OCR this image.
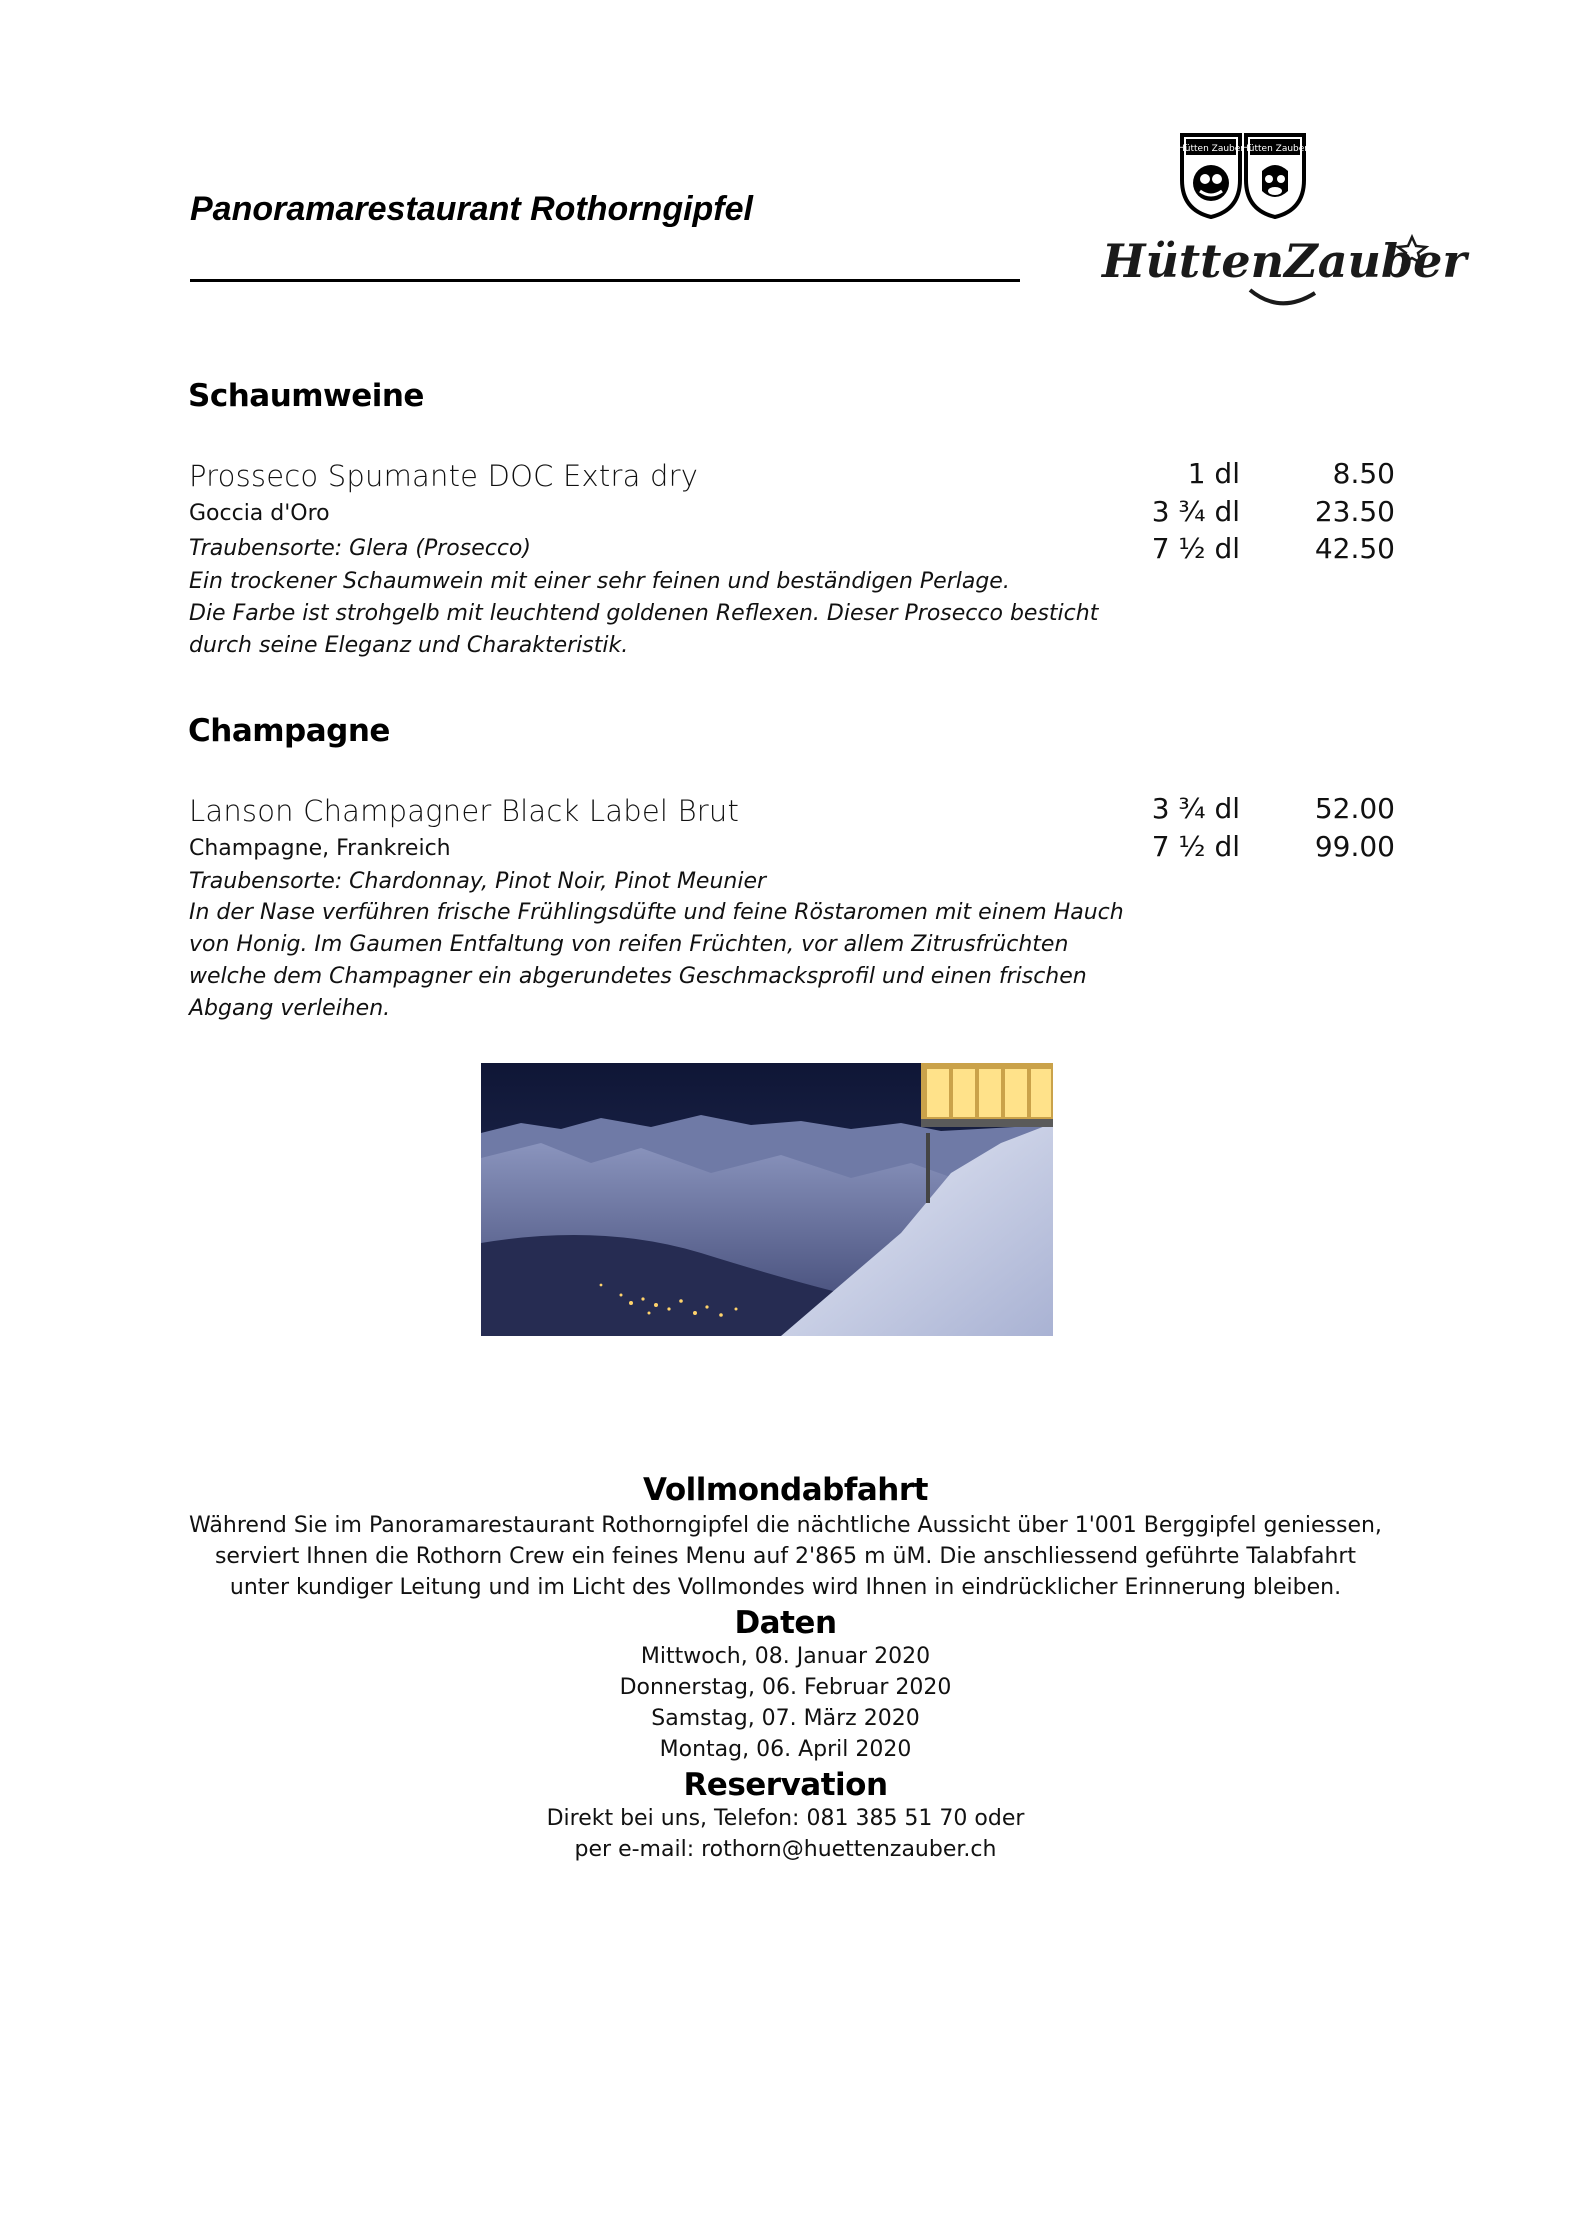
Panoramarestaurant Rothorngipfel
Hütten Zauber
Hütten Zauber
HüttenZauber
Schaumweine
Prosseco Spumante DOC Extra dry
Goccia d'Oro
Traubensorte: Glera (Prosecco)
Ein trockener Schaumwein mit einer sehr feinen und beständigen Perlage.
Die Farbe ist strohgelb mit leuchtend goldenen Reflexen. Dieser Prosecco besticht
durch seine Eleganz und Charakteristik.
1 dl	8.50
3 ¾ dl	23.50
7 ½ dl	42.50
Champagne
Lanson Champagner Black Label Brut
Champagne, Frankreich
Traubensorte: Chardonnay, Pinot Noir, Pinot Meunier
In der Nase verführen frische Frühlingsdüfte und feine Röstaromen mit einem Hauch
von Honig. Im Gaumen Entfaltung von reifen Früchten, vor allem Zitrusfrüchten
welche dem Champagner ein abgerundetes Geschmacksprofil und einen frischen
Abgang verleihen.
3 ¾ dl	52.00
7 ½ dl	99.00
Vollmondabfahrt
Während Sie im Panoramarestaurant Rothorngipfel die nächtliche Aussicht über 1'001 Berggipfel geniessen,
serviert Ihnen die Rothorn Crew ein feines Menu auf 2'865 m üM. Die anschliessend geführte Talabfahrt
unter kundiger Leitung und im Licht des Vollmondes wird Ihnen in eindrücklicher Erinnerung bleiben.
Daten
Mittwoch, 08. Januar 2020
Donnerstag, 06. Februar 2020
Samstag, 07. März 2020
Montag, 06. April 2020
Reservation
Direkt bei uns, Telefon: 081 385 51 70 oder
per e-mail: rothorn@huettenzauber.ch
